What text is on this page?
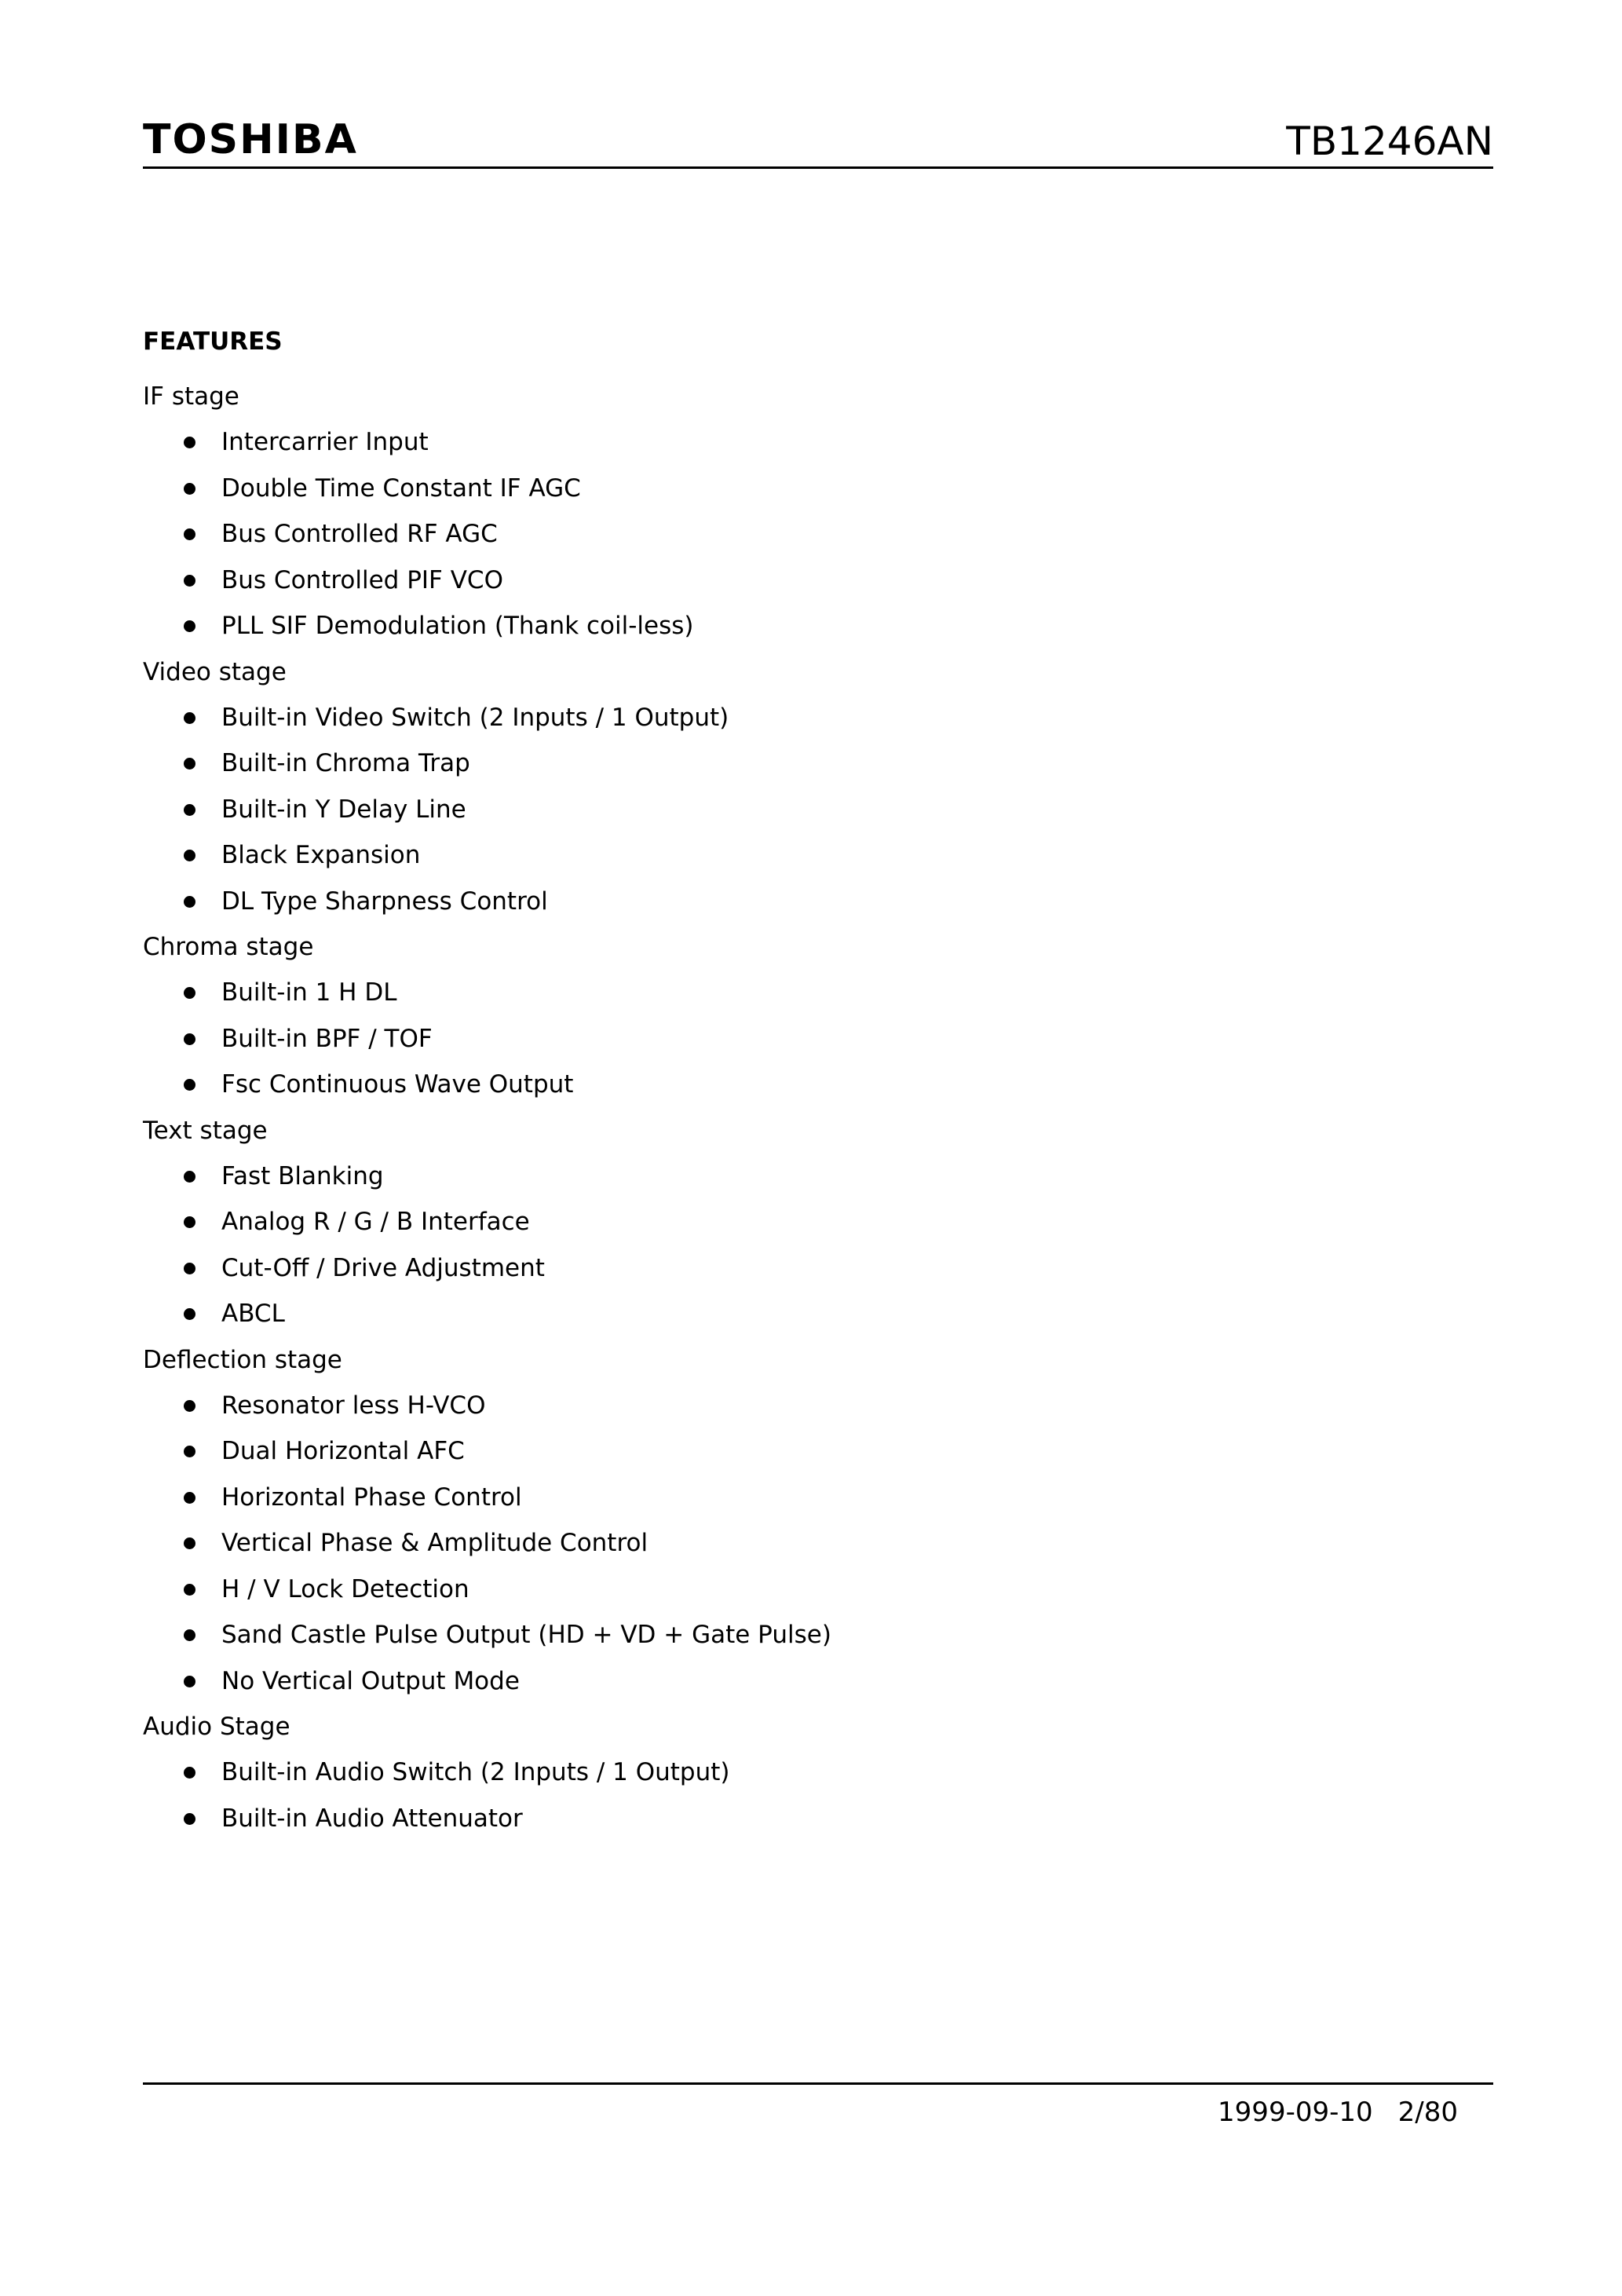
TOSHIBA	TB1246AN
FEATURES
IF stage
Intercarrier Input
Double Time Constant IF AGC
Bus Controlled RF AGC
Bus Controlled PIF VCO
PLL SIF Demodulation (Thank coil-less)
Video stage
Built-in Video Switch (2 Inputs / 1 Output)
Built-in Chroma Trap
Built-in Y Delay Line
Black Expansion
DL Type Sharpness Control
Chroma stage
Built-in 1 H DL
Built-in BPF / TOF
Fsc Continuous Wave Output
Text stage
Fast Blanking
Analog R / G / B Interface
Cut-Off / Drive Adjustment
ABCL
Deflection stage
Resonator less H-VCO
Dual Horizontal AFC
Horizontal Phase Control
Vertical Phase & Amplitude Control
H / V Lock Detection
Sand Castle Pulse Output (HD + VD + Gate Pulse)
No Vertical Output Mode
Audio Stage
Built-in Audio Switch (2 Inputs / 1 Output)
Built-in Audio Attenuator
1999-09-10 2/80
